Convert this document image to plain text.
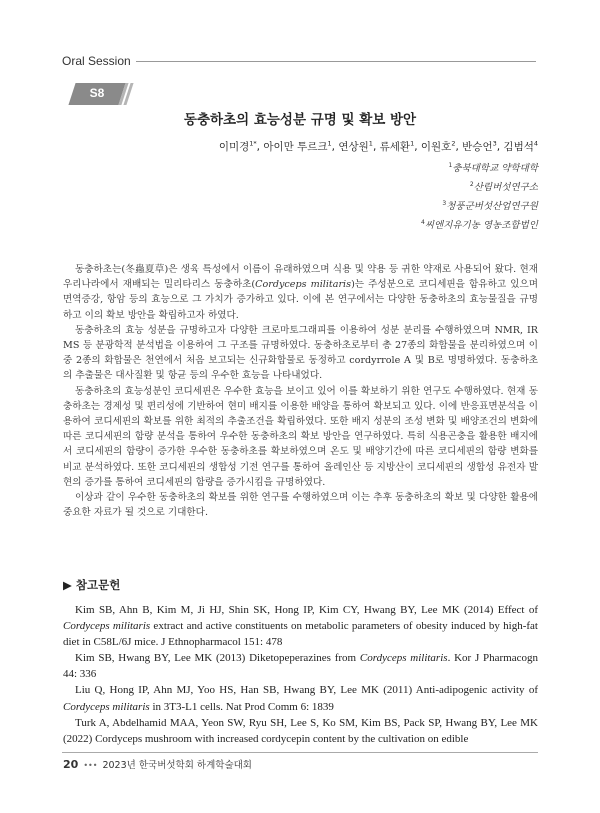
Oral Session
S8
동충하초의 효능성분 규명 및 확보 방안
이미경$^{1*}$, 아이만 투르크$^1$, 연상원$^1$, 류세환$^1$, 이원호$^2$, 반승언$^3$, 김범석$^4$
$^1$충북대학교 약학대학
$^2$산림버섯연구소
$^3$청풍군버섯산업연구원
$^4$씨엔지유기농 영농조합법인

동충하초는(冬蟲夏草)은 생육 특성에서 이름이 유래하였으며 식용 및 약용 등 귀한 약재로 사용되어 왔다. 현재 우리나라에서 재배되는 밀리타리스 동충하초(Cordyceps militaris)는 주성분으로 코디세핀을 함유하고 있으며 면역증강, 항암 등의 효능으로 그 가치가 증가하고 있다. 이에 본 연구에서는 다양한 동충하초의 효능물질을 규명하고 이의 확보 방안을 확립하고자 하였다.

동충하초의 효능 성분을 규명하고자 다양한 크로마토그래피를 이용하여 성분 분리를 수행하였으며 NMR, IR MS 등 분광학적 분석법을 이용하여 그 구조를 규명하였다. 동충하초로부터 총 27종의 화합물을 분리하였으며 이 중 2종의 화합물은 천연에서 처음 보고되는 신규화합물로 동정하고 cordyrrole A 및 B로 명명하였다. 동충하초의 추출물은 대사질환 및 항균 등의 우수한 효능을 나타내었다.

동충하초의 효능성분인 코디세핀은 우수한 효능을 보이고 있어 이를 확보하기 위한 연구도 수행하였다. 현재 동충하초는 경제성 및 편리성에 기반하여 현미 배지를 이용한 배양을 통하여 확보되고 있다. 이에 반응표면분석을 이용하여 코디세핀의 확보를 위한 최적의 추출조건을 확립하였다. 또한 배지 성분의 조성 변화 및 배양조건의 변화에 따른 코디세핀의 함량 분석을 통하여 우수한 동충하초의 확보 방안을 연구하였다. 특히 식용곤충을 활용한 배지에서 코디세핀의 함량이 증가한 우수한 동충하초를 확보하였으며 온도 및 배양기간에 따른 코디세핀의 함량 변화를 비교 분석하였다. 또한 코디세핀의 생합성 기전 연구를 통하여 올레인산 등 지방산이 코디세핀의 생합성 유전자 발현의 증가를 통하여 코디세핀의 함량을 증가시킴을 규명하였다.

이상과 같이 우수한 동충하초의 확보를 위한 연구를 수행하였으며 이는 추후 동충하초의 확보 및 다양한 활용에 중요한 자료가 될 것으로 기대한다.

▶ 참고문헌

Kim SB, Ahn B, Kim M, Ji HJ, Shin SK, Hong IP, Kim CY, Hwang BY, Lee MK (2014) Effect of Cordyceps militaris extract and active constituents on metabolic parameters of obesity induced by high-fat diet in C58L/6J mice. J Ethnopharmacol 151: 478

Kim SB, Hwang BY, Lee MK (2013) Diketopeperazines from Cordyceps militaris. Kor J Pharmacogn 44: 336

Liu Q, Hong IP, Ahn MJ, Yoo HS, Han SB, Hwang BY, Lee MK (2011) Anti-adipogenic activity of Cordyceps militaris in 3T3-L1 cells. Nat Prod Comm 6: 1839

Turk A, Abdelhamid MAA, Yeon SW, Ryu SH, Lee S, Ko SM, Kim BS, Pack SP, Hwang BY, Lee MK (2022) Cordyceps mushroom with increased cordycepin content by the cultivation on edible

20 ••• 2023년 한국버섯학회 하계학술대회
